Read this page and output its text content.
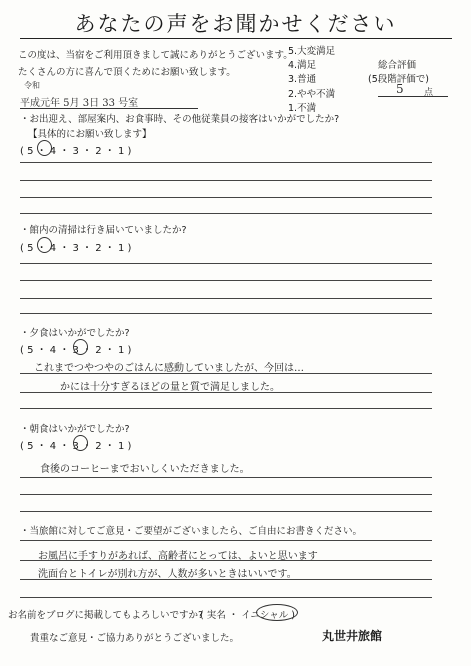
あなたの声をお聞かせください
この度は、当宿をご利用頂きまして誠にありがとうございます。
たくさんの方に喜んで頂くためにお願い致します。
5.大変満足
4.満足
3.普通
2.やや不満
1.不満
総合評価
(5段階評価で)
5 点
令和
平成元年 5月 3日 33 号室
・お出迎え、部屋案内、お食事時、その他従業員の接客はいかがでしたか?
【具体的にお願い致します】
( 5 ・ 4 ・ 3 ・ 2 ・ 1 )
・館内の清掃は行き届いていましたか?
( 5 ・ 4 ・ 3 ・ 2 ・ 1 )
・夕食はいかがでしたか?
( 5 ・ 4 ・ 3 ・ 2 ・ 1 )
これまでつやつやのごはんに感動していましたが、今回は…
かには十分すぎるほどの量と質で満足しました。
・朝食はいかがでしたか?
( 5 ・ 4 ・ 3 ・ 2 ・ 1 )
食後のコーヒーまでおいしくいただきました。
・当旅館に対してご意見・ご要望がございましたら、ご自由にお書きください。
お風呂に手すりがあれば、高齢者にとっては、よいと思います
洗面台とトイレが別れ方が、人数が多いときはいいです。
お名前をブログに掲載してもよろしいですか?
( 実名 ・ イニシャル )
貴重なご意見・ご協力ありがとうございました。	丸世井旅館
